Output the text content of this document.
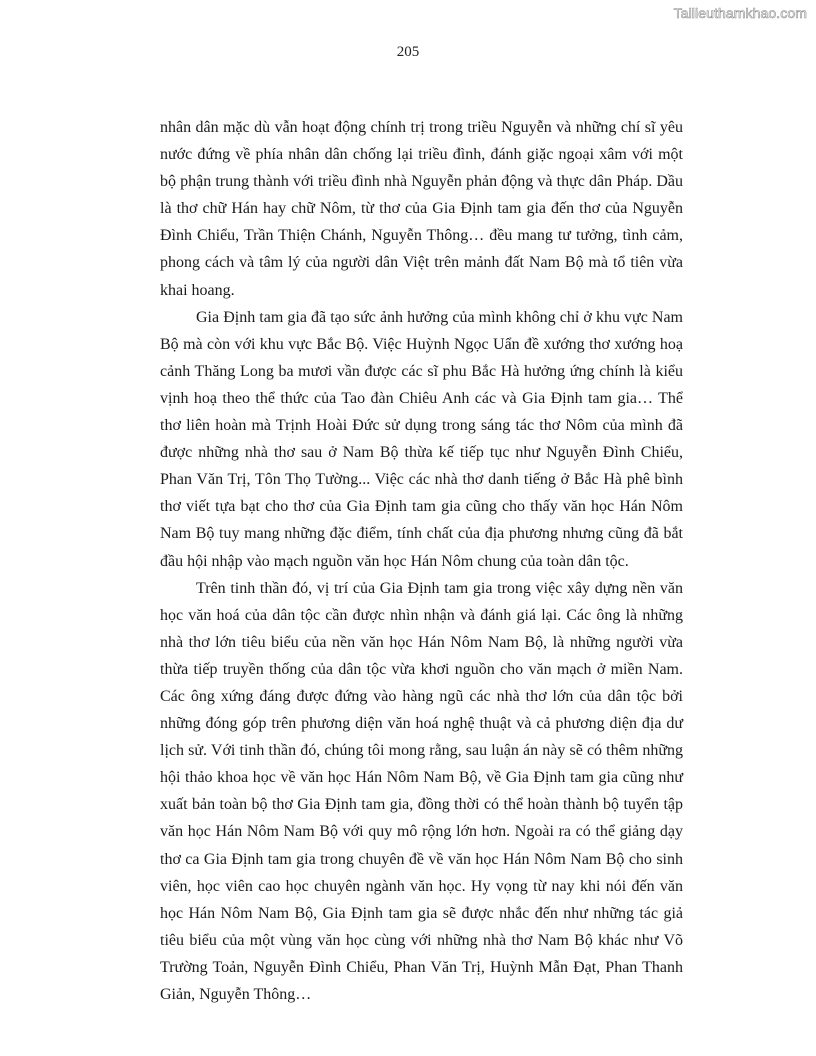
Tailieuthamkhao.com
205

nhân dân mặc dù vẫn hoạt động chính trị trong triều Nguyễn và những chí sĩ yêu nước đứng về phía nhân dân chống lại triều đình, đánh giặc ngoại xâm với một bộ phận trung thành với triều đình nhà Nguyễn phản động và thực dân Pháp. Dầu là thơ chữ Hán hay chữ Nôm, từ thơ của Gia Định tam gia đến thơ của Nguyễn Đình Chiểu, Trần Thiện Chánh, Nguyễn Thông… đều mang tư tưởng, tình cảm, phong cách và tâm lý của người dân Việt trên mảnh đất Nam Bộ mà tổ tiên vừa khai hoang.

Gia Định tam gia đã tạo sức ảnh hưởng của mình không chỉ ở khu vực Nam Bộ mà còn với khu vực Bắc Bộ. Việc Huỳnh Ngọc Uẩn đề xướng thơ xướng hoạ cảnh Thăng Long ba mươi vần được các sĩ phu Bắc Hà hưởng ứng chính là kiểu vịnh hoạ theo thể thức của Tao đàn Chiêu Anh các và Gia Định tam gia… Thể thơ liên hoàn mà Trịnh Hoài Đức sử dụng trong sáng tác thơ Nôm của mình đã được những nhà thơ sau ở Nam Bộ thừa kế tiếp tục như Nguyễn Đình Chiểu, Phan Văn Trị, Tôn Thọ Tường... Việc các nhà thơ danh tiếng ở Bắc Hà phê bình thơ viết tựa bạt cho thơ của Gia Định tam gia cũng cho thấy văn học Hán Nôm Nam Bộ tuy mang những đặc điểm, tính chất của địa phương nhưng cũng đã bắt đầu hội nhập vào mạch nguồn văn học Hán Nôm chung của toàn dân tộc.

Trên tinh thần đó, vị trí của Gia Định tam gia trong việc xây dựng nền văn học văn hoá của dân tộc cần được nhìn nhận và đánh giá lại. Các ông là những nhà thơ lớn tiêu biểu của nền văn học Hán Nôm Nam Bộ, là những người vừa thừa tiếp truyền thống của dân tộc vừa khơi nguồn cho văn mạch ở miền Nam. Các ông xứng đáng được đứng vào hàng ngũ các nhà thơ lớn của dân tộc bởi những đóng góp trên phương diện văn hoá nghệ thuật và cả phương diện địa dư lịch sử. Với tinh thần đó, chúng tôi mong rằng, sau luận án này sẽ có thêm những hội thảo khoa học về văn học Hán Nôm Nam Bộ, về Gia Định tam gia cũng như xuất bản toàn bộ thơ Gia Định tam gia, đồng thời có thể hoàn thành bộ tuyển tập văn học Hán Nôm Nam Bộ với quy mô rộng lớn hơn. Ngoài ra có thể giảng dạy thơ ca Gia Định tam gia trong chuyên đề về văn học Hán Nôm Nam Bộ cho sinh viên, học viên cao học chuyên ngành văn học. Hy vọng từ nay khi nói đến văn học Hán Nôm Nam Bộ, Gia Định tam gia sẽ được nhắc đến như những tác giả tiêu biểu của một vùng văn học cùng với những nhà thơ Nam Bộ khác như Võ Trường Toản, Nguyễn Đình Chiểu, Phan Văn Trị, Huỳnh Mẫn Đạt, Phan Thanh Giản, Nguyễn Thông…
